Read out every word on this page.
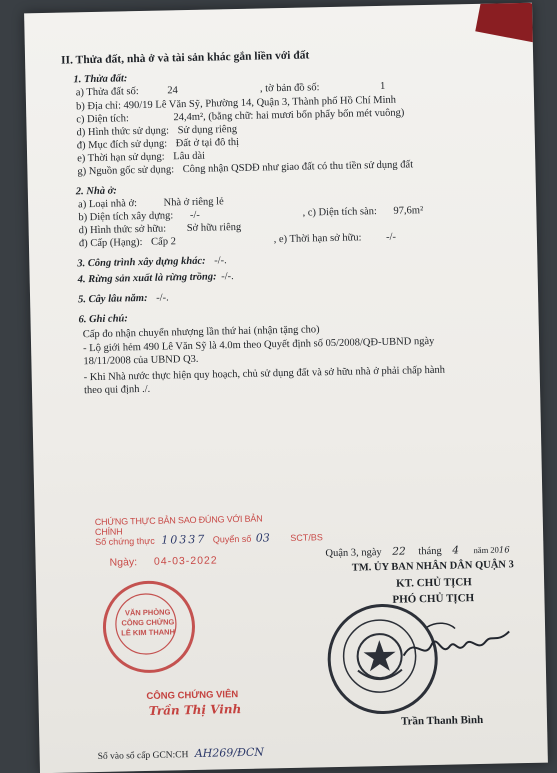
II. Thửa đất, nhà ở và tài sản khác gắn liền với đất
1. Thửa đất:
a) Thửa đất số:	24	, tờ bản đồ số:	1
b) Địa chỉ: 490/19 Lê Văn Sỹ, Phường 14, Quận 3, Thành phố Hồ Chí Minh
c) Diện tích:	24,4m², (bằng chữ: hai mươi bốn phẩy bốn mét vuông)
d) Hình thức sử dụng: Sử dụng riêng
đ) Mục đích sử dụng: Đất ở tại đô thị
e) Thời hạn sử dụng: Lâu dài
g) Nguồn gốc sử dụng: Công nhận QSDĐ như giao đất có thu tiền sử dụng đất
2. Nhà ở:
a) Loại nhà ở:	Nhà ở riêng lẻ
b) Diện tích xây dựng: -/-	, c) Diện tích sàn: 97,6m²
d) Hình thức sở hữu: Sở hữu riêng
đ) Cấp (Hạng): Cấp 2	, e) Thời hạn sở hữu: -/-
3. Công trình xây dựng khác: -/-.
4. Rừng sản xuất là rừng trồng: -/-.
5. Cây lâu năm: -/-.
6. Ghi chú:
Cấp đo nhận chuyển nhượng lần thứ hai (nhận tặng cho)
- Lộ giới hẻm 490 Lê Văn Sỹ là 4.0m theo Quyết định số 05/2008/QĐ-UBND ngày
18/11/2008 của UBND Q3.
- Khi Nhà nước thực hiện quy hoạch, chủ sử dụng đất và sở hữu nhà ở phải chấp hành
theo qui định ./.
CHỨNG THỰC BẢN SAO ĐÚNG VỚI BẢN CHÍNH
Số chứng thực 10337 Quyển số 03 SCT/BS
Ngày: 04-03-2022
VĂN PHÒNG CÔNG CHỨNG LÊ KIM THANH
CÔNG CHỨNG VIÊN
Trần Thị Vinh
Quận 3, ngày 22 tháng 4 năm 2016
TM. ỦY BAN NHÂN DÂN QUẬN 3
KT. CHỦ TỊCH
PHÓ CHỦ TỊCH
Trần Thanh Bình
Số vào sổ cấp GCN:CH AH269/ĐCN
